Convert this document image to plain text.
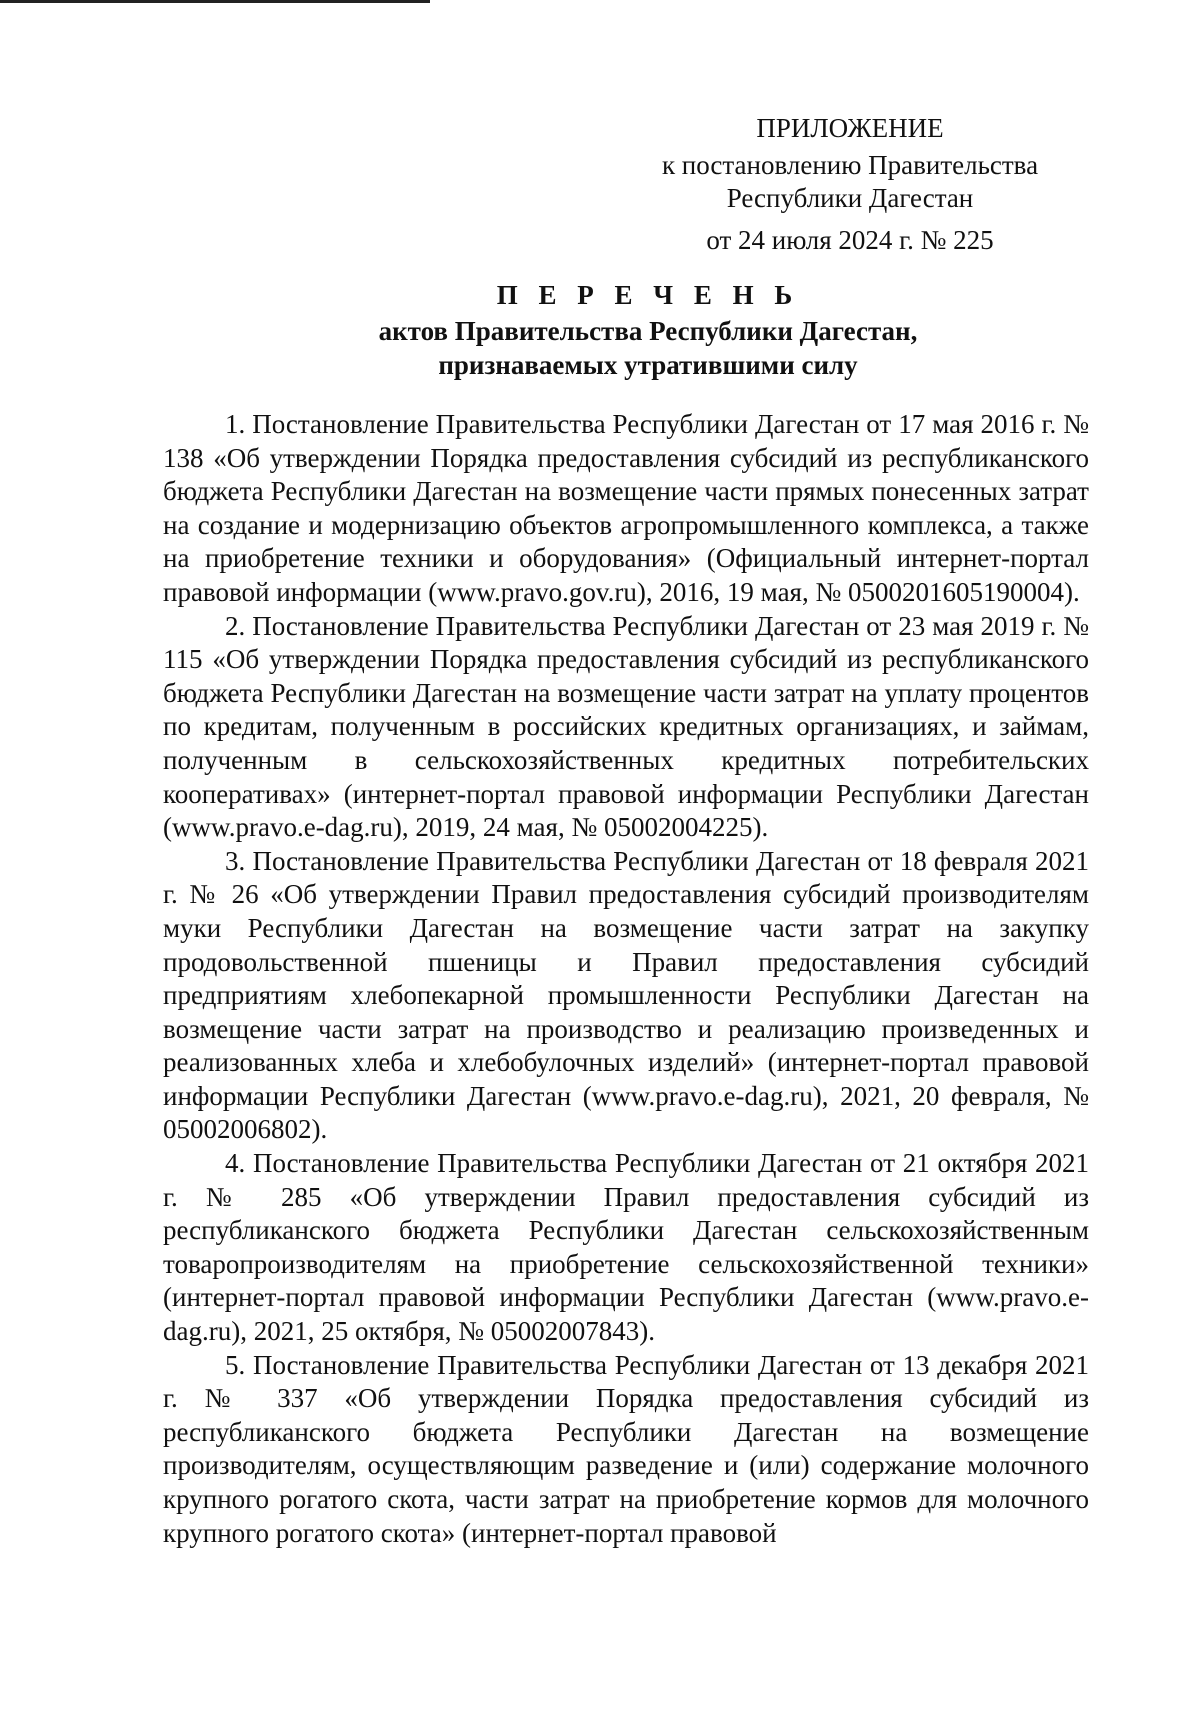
ПРИЛОЖЕНИЕ
к постановлению Правительства
Республики Дагестан
от 24 июля 2024 г. № 225
П Е Р Е Ч Е Н Ь
актов Правительства Республики Дагестан,
признаваемых утратившими силу

1. Постановление Правительства Республики Дагестан от 17 мая 2016 г. № 138 «Об утверждении Порядка предоставления субсидий из республиканского бюджета Республики Дагестан на возмещение части прямых понесенных затрат на создание и модернизацию объектов агропромышленного комплекса, а также на приобретение техники и оборудования» (Официальный интернет-портал правовой информации (www.pravo.gov.ru), 2016, 19 мая, № 0500201605190004).

2. Постановление Правительства Республики Дагестан от 23 мая 2019 г. № 115 «Об утверждении Порядка предоставления субсидий из республиканского бюджета Республики Дагестан на возмещение части затрат на уплату процентов по кредитам, полученным в российских кредитных организациях, и займам, полученным в сельскохозяйственных кредитных потребительских кооперативах» (интернет-портал правовой информации Республики Дагестан (www.pravo.e-dag.ru), 2019, 24 мая, № 05002004225).

3. Постановление Правительства Республики Дагестан от 18 февраля 2021 г. № 26 «Об утверждении Правил предоставления субсидий производителям муки Республики Дагестан на возмещение части затрат на закупку продовольственной пшеницы и Правил предоставления субсидий предприятиям хлебопекарной промышленности Республики Дагестан на возмещение части затрат на производство и реализацию произведенных и реализованных хлеба и хлебобулочных изделий» (интернет-портал правовой информации Республики Дагестан (www.pravo.e-dag.ru), 2021, 20 февраля, № 05002006802).

4. Постановление Правительства Республики Дагестан от 21 октября 2021 г. № 285 «Об утверждении Правил предоставления субсидий из республиканского бюджета Республики Дагестан сельскохозяйственным товаропроизводителям на приобретение сельскохозяйственной техники» (интернет-портал правовой информации Республики Дагестан (www.pravo.e-dag.ru), 2021, 25 октября, № 05002007843).

5. Постановление Правительства Республики Дагестан от 13 декабря 2021 г. № 337 «Об утверждении Порядка предоставления субсидий из республиканского бюджета Республики Дагестан на возмещение производителям, осуществляющим разведение и (или) содержание молочного крупного рогатого скота, части затрат на приобретение кормов для молочного крупного рогатого скота» (интернет-портал правовой
